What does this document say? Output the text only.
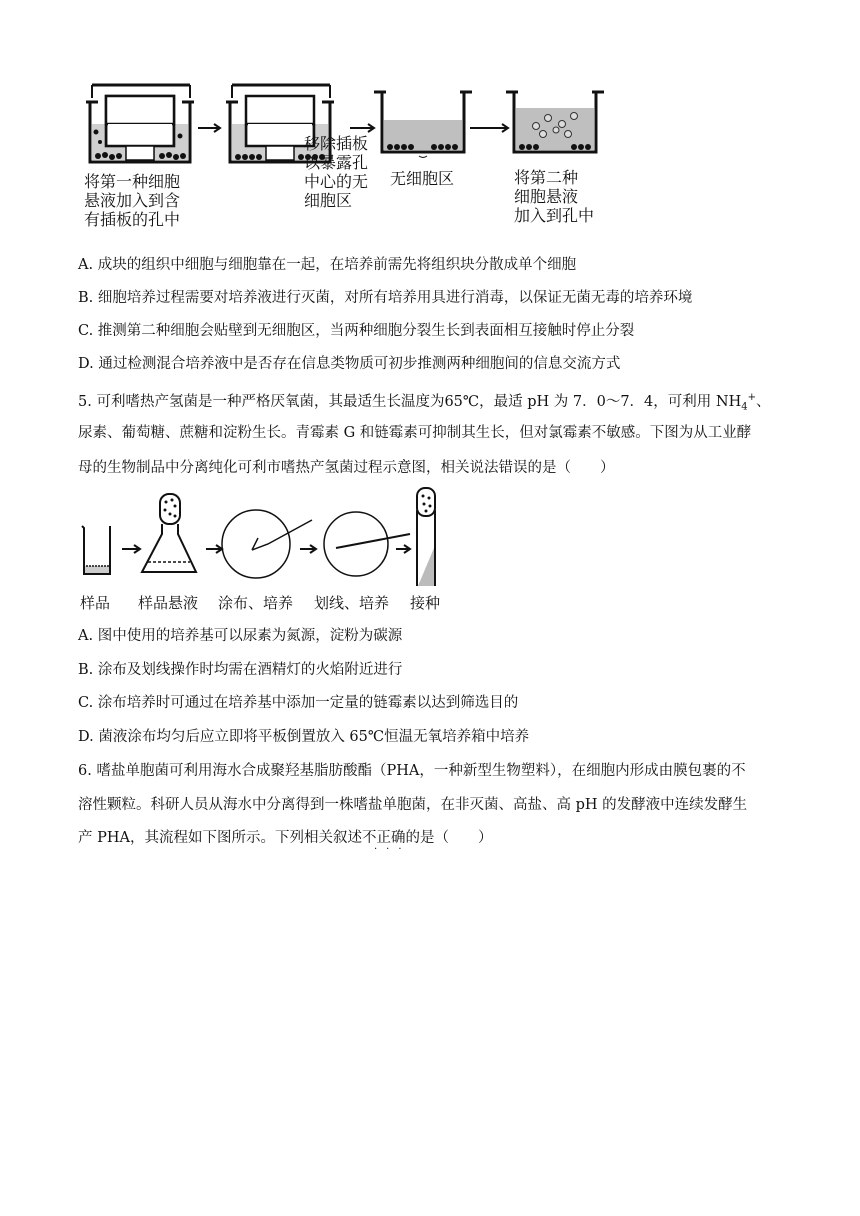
将第一种细胞
悬液加入到含
有插板的孔中
移除插板
以暴露孔
中心的无
细胞区
无细胞区	将第二种
细胞悬液
加入到孔中
A. 成块的组织中细胞与细胞靠在一起，在培养前需先将组织块分散成单个细胞
B. 细胞培养过程需要对培养液进行灭菌，对所有培养用具进行消毒，以保证无菌无毒的培养环境
C. 推测第二种细胞会贴壁到无细胞区，当两种细胞分裂生长到表面相互接触时停止分裂
D. 通过检测混合培养液中是否存在信息类物质可初步推测两种细胞间的信息交流方式
5. 可利嗜热产氢菌是一种严格厌氧菌，其最适生长温度为65℃，最适 pH 为 7．0～7．4，可利用 $NH_4^+$、
尿素、葡萄糖、蔗糖和淀粉生长。青霉素 G 和链霉素可抑制其生长，但对氯霉素不敏感。下图为从工业酵
母的生物制品中分离纯化可利市嗜热产氢菌过程示意图，相关说法错误的是（　　）
样品 样品悬液 涂布、培养 划线、培养 接种
A. 图中使用的培养基可以尿素为氮源，淀粉为碳源
B. 涂布及划线操作时均需在酒精灯的火焰附近进行
C. 涂布培养时可通过在培养基中添加一定量的链霉素以达到筛选目的
D. 菌液涂布均匀后应立即将平板倒置放入 65℃恒温无氧培养箱中培养
6. 嗜盐单胞菌可利用海水合成聚羟基脂肪酸酯（PHA，一种新型生物塑料），在细胞内形成由膜包裹的不
溶性颗粒。科研人员从海水中分离得到一株嗜盐单胞菌，在非灭菌、高盐、高 pH 的发酵液中连续发酵生
产 PHA，其流程如下图所示。下列相关叙述不正确的是（　　）
···
